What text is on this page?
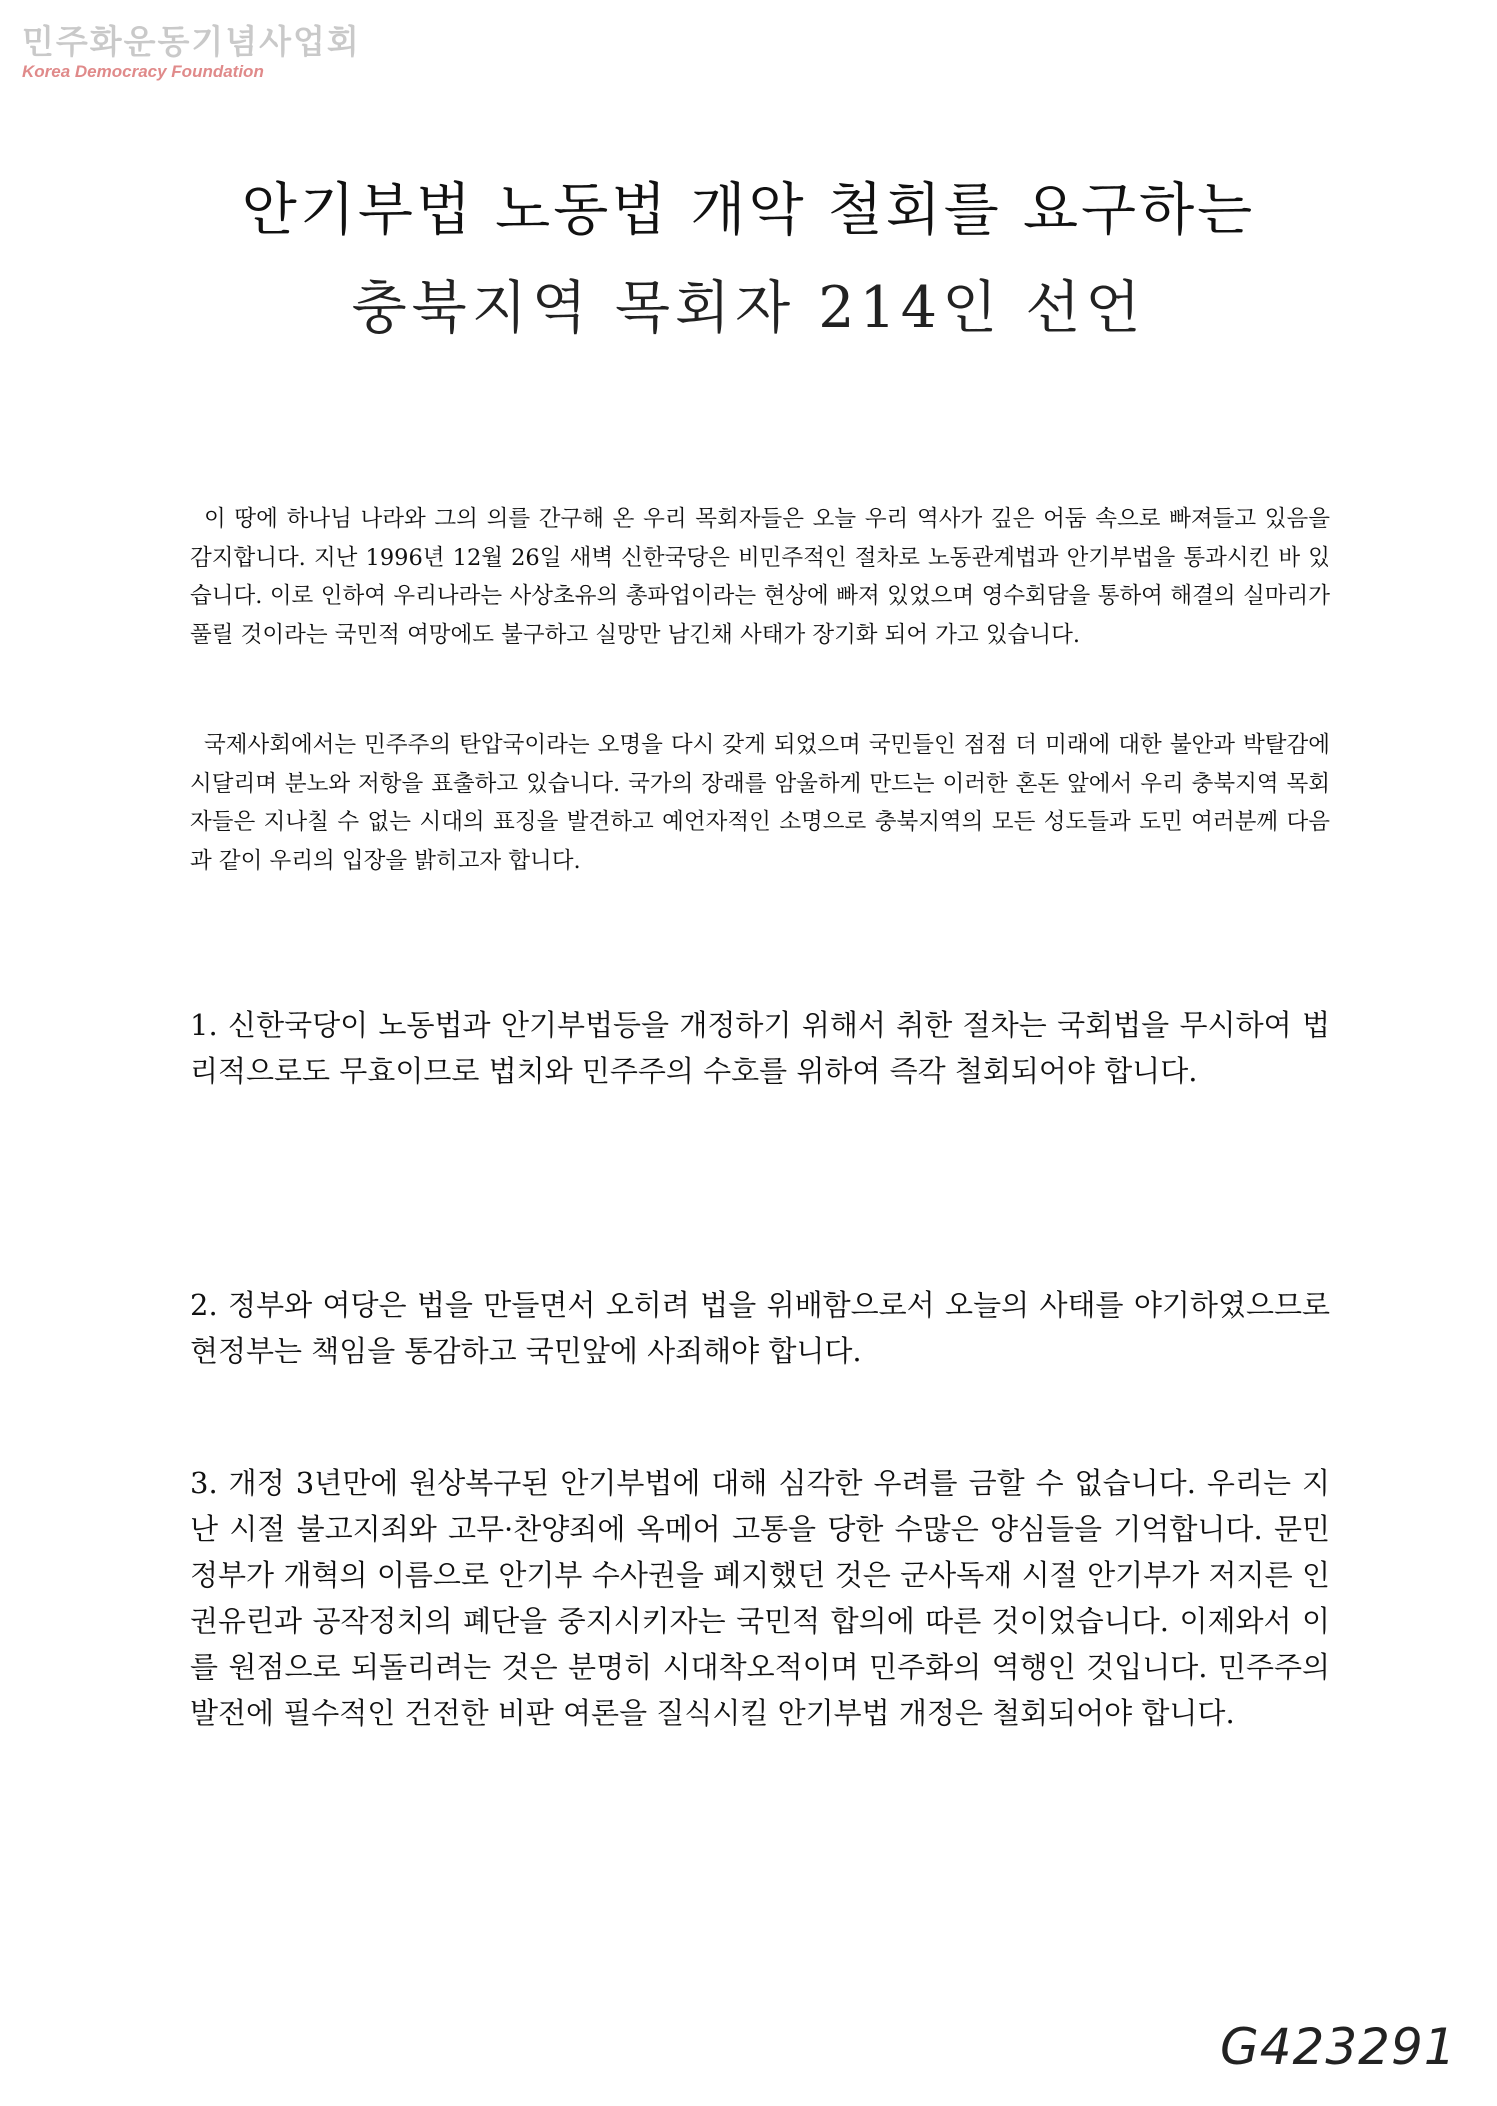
민주화운동기념사업회
Korea Democracy Foundation
안기부법 노동법 개악 철회를 요구하는
충북지역 목회자 214인 선언

이 땅에 하나님 나라와 그의 의를 간구해 온 우리 목회자들은 오늘 우리 역사가 깊은 어둠 속으로 빠져들고 있음을 감지합니다. 지난 1996년 12월 26일 새벽 신한국당은 비민주적인 절차로 노동관계법과 안기부법을 통과시킨 바 있습니다. 이로 인하여 우리나라는 사상초유의 총파업이라는 현상에 빠져 있었으며 영수회담을 통하여 해결의 실마리가 풀릴 것이라는 국민적 여망에도 불구하고 실망만 남긴채 사태가 장기화 되어 가고 있습니다.

국제사회에서는 민주주의 탄압국이라는 오명을 다시 갖게 되었으며 국민들인 점점 더 미래에 대한 불안과 박탈감에 시달리며 분노와 저항을 표출하고 있습니다. 국가의 장래를 암울하게 만드는 이러한 혼돈 앞에서 우리 충북지역 목회자들은 지나칠 수 없는 시대의 표징을 발견하고 예언자적인 소명으로 충북지역의 모든 성도들과 도민 여러분께 다음과 같이 우리의 입장을 밝히고자 합니다.

1. 신한국당이 노동법과 안기부법등을 개정하기 위해서 취한 절차는 국회법을 무시하여 법리적으로도 무효이므로 법치와 민주주의 수호를 위하여 즉각 철회되어야 합니다.

2. 정부와 여당은 법을 만들면서 오히려 법을 위배함으로서 오늘의 사태를 야기하였으므로 현정부는 책임을 통감하고 국민앞에 사죄해야 합니다.

3. 개정 3년만에 원상복구된 안기부법에 대해 심각한 우려를 금할 수 없습니다. 우리는 지난 시절 불고지죄와 고무·찬양죄에 옥메어 고통을 당한 수많은 양심들을 기억합니다. 문민정부가 개혁의 이름으로 안기부 수사권을 폐지했던 것은 군사독재 시절 안기부가 저지른 인권유린과 공작정치의 폐단을 중지시키자는 국민적 합의에 따른 것이었습니다. 이제와서 이를 원점으로 되돌리려는 것은 분명히 시대착오적이며 민주화의 역행인 것입니다. 민주주의 발전에 필수적인 건전한 비판 여론을 질식시킬 안기부법 개정은 철회되어야 합니다.

G423291
